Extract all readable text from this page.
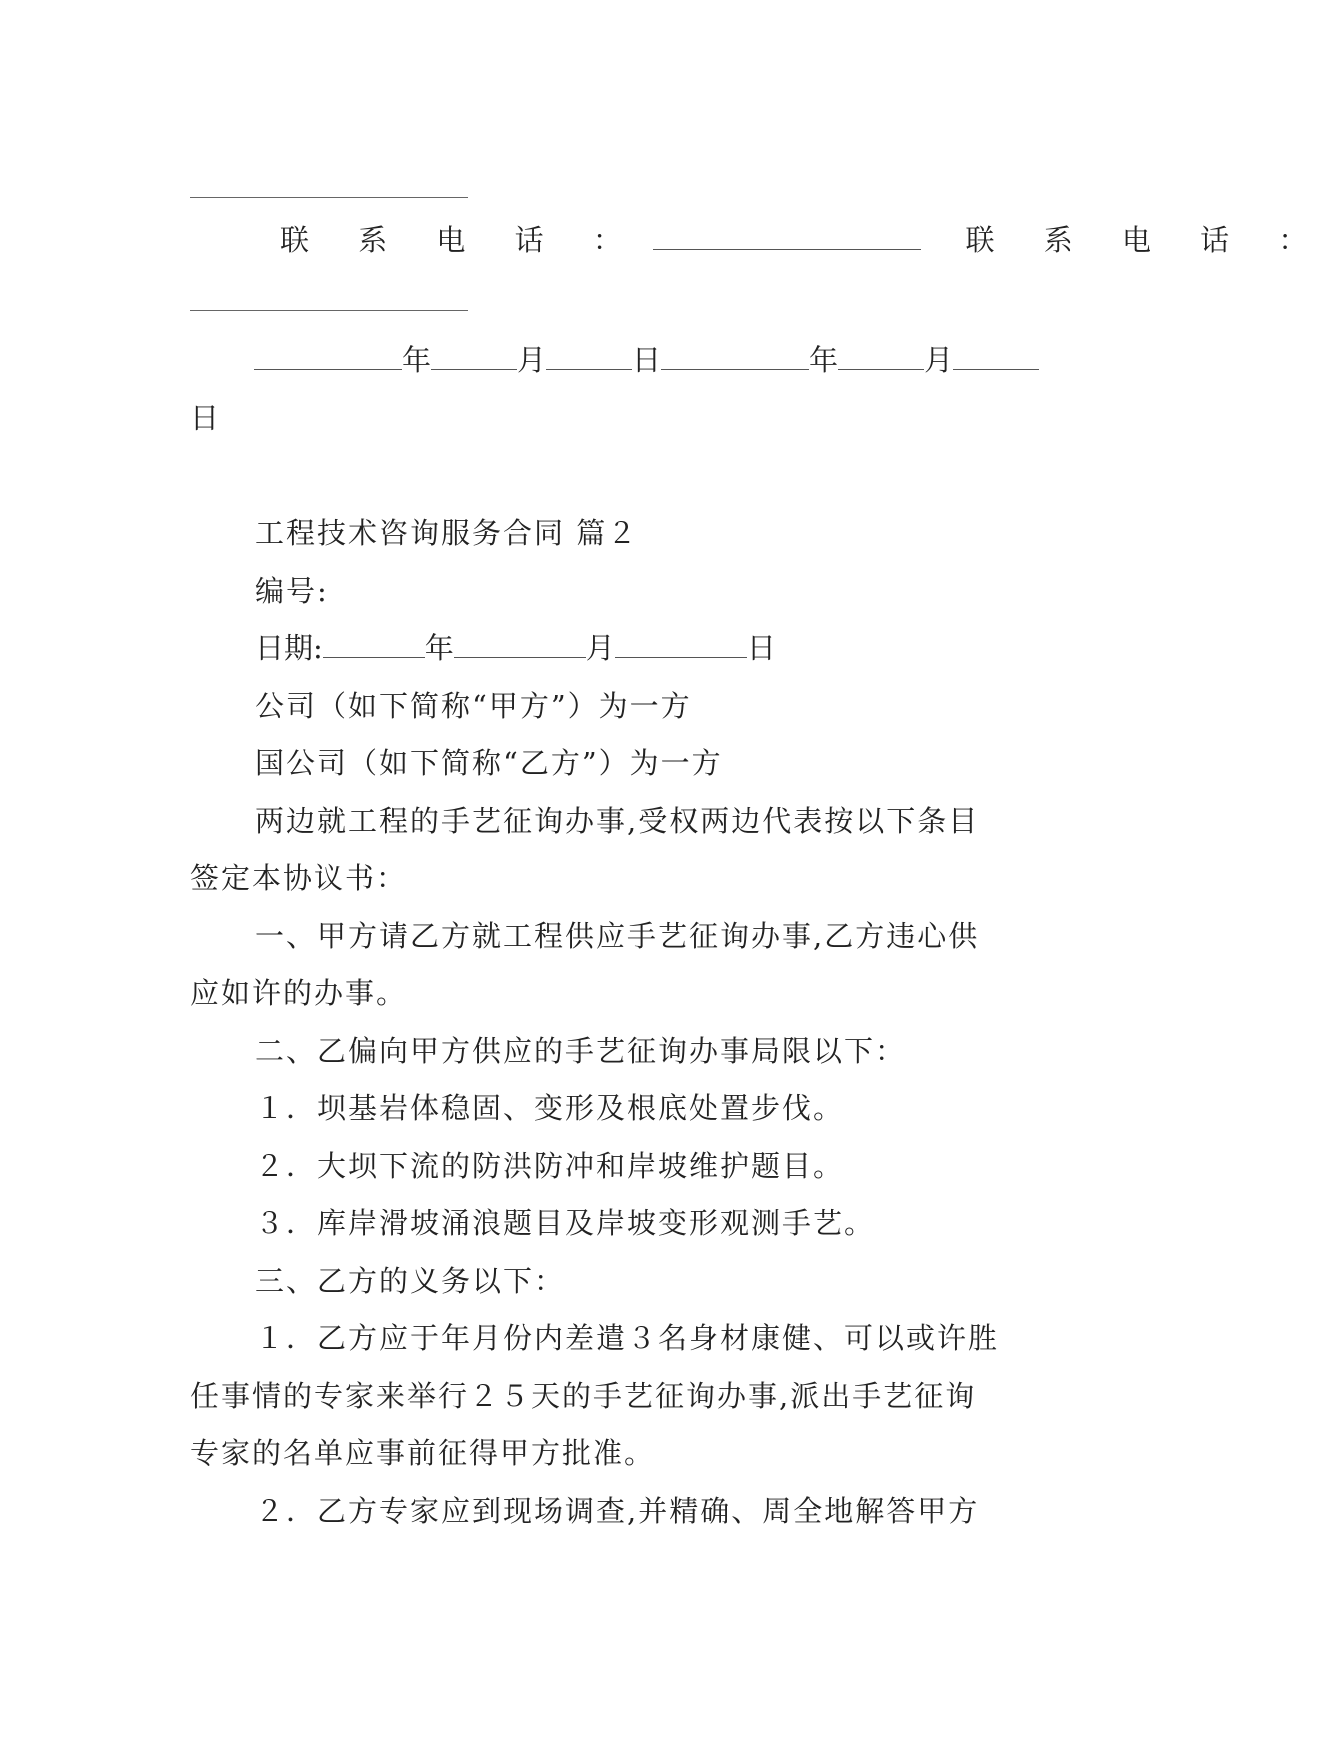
联 系 电 话 ：	联 系 电 话 ：
年	月	日	年	月
日
工程技术咨询服务合同 篇２
编号:
日期:	年	月	日
公司（如下简称“甲方”）为一方
国公司（如下简称“乙方”）为一方
两边就工程的手艺征询办事,受权两边代表按以下条目
签定本协议书：
一、甲方请乙方就工程供应手艺征询办事,乙方违心供
应如许的办事。
二、乙偏向甲方供应的手艺征询办事局限以下：
１．坝基岩体稳固、变形及根底处置步伐。
２．大坝下流的防洪防冲和岸坡维护题目。
３．库岸滑坡涌浪题目及岸坡变形观测手艺。
三、乙方的义务以下：
１．乙方应于年月份内差遣３名身材康健、可以或许胜
任事情的专家来举行２５天的手艺征询办事,派出手艺征询
专家的名单应事前征得甲方批准。
２．乙方专家应到现场调查,并精确、周全地解答甲方
